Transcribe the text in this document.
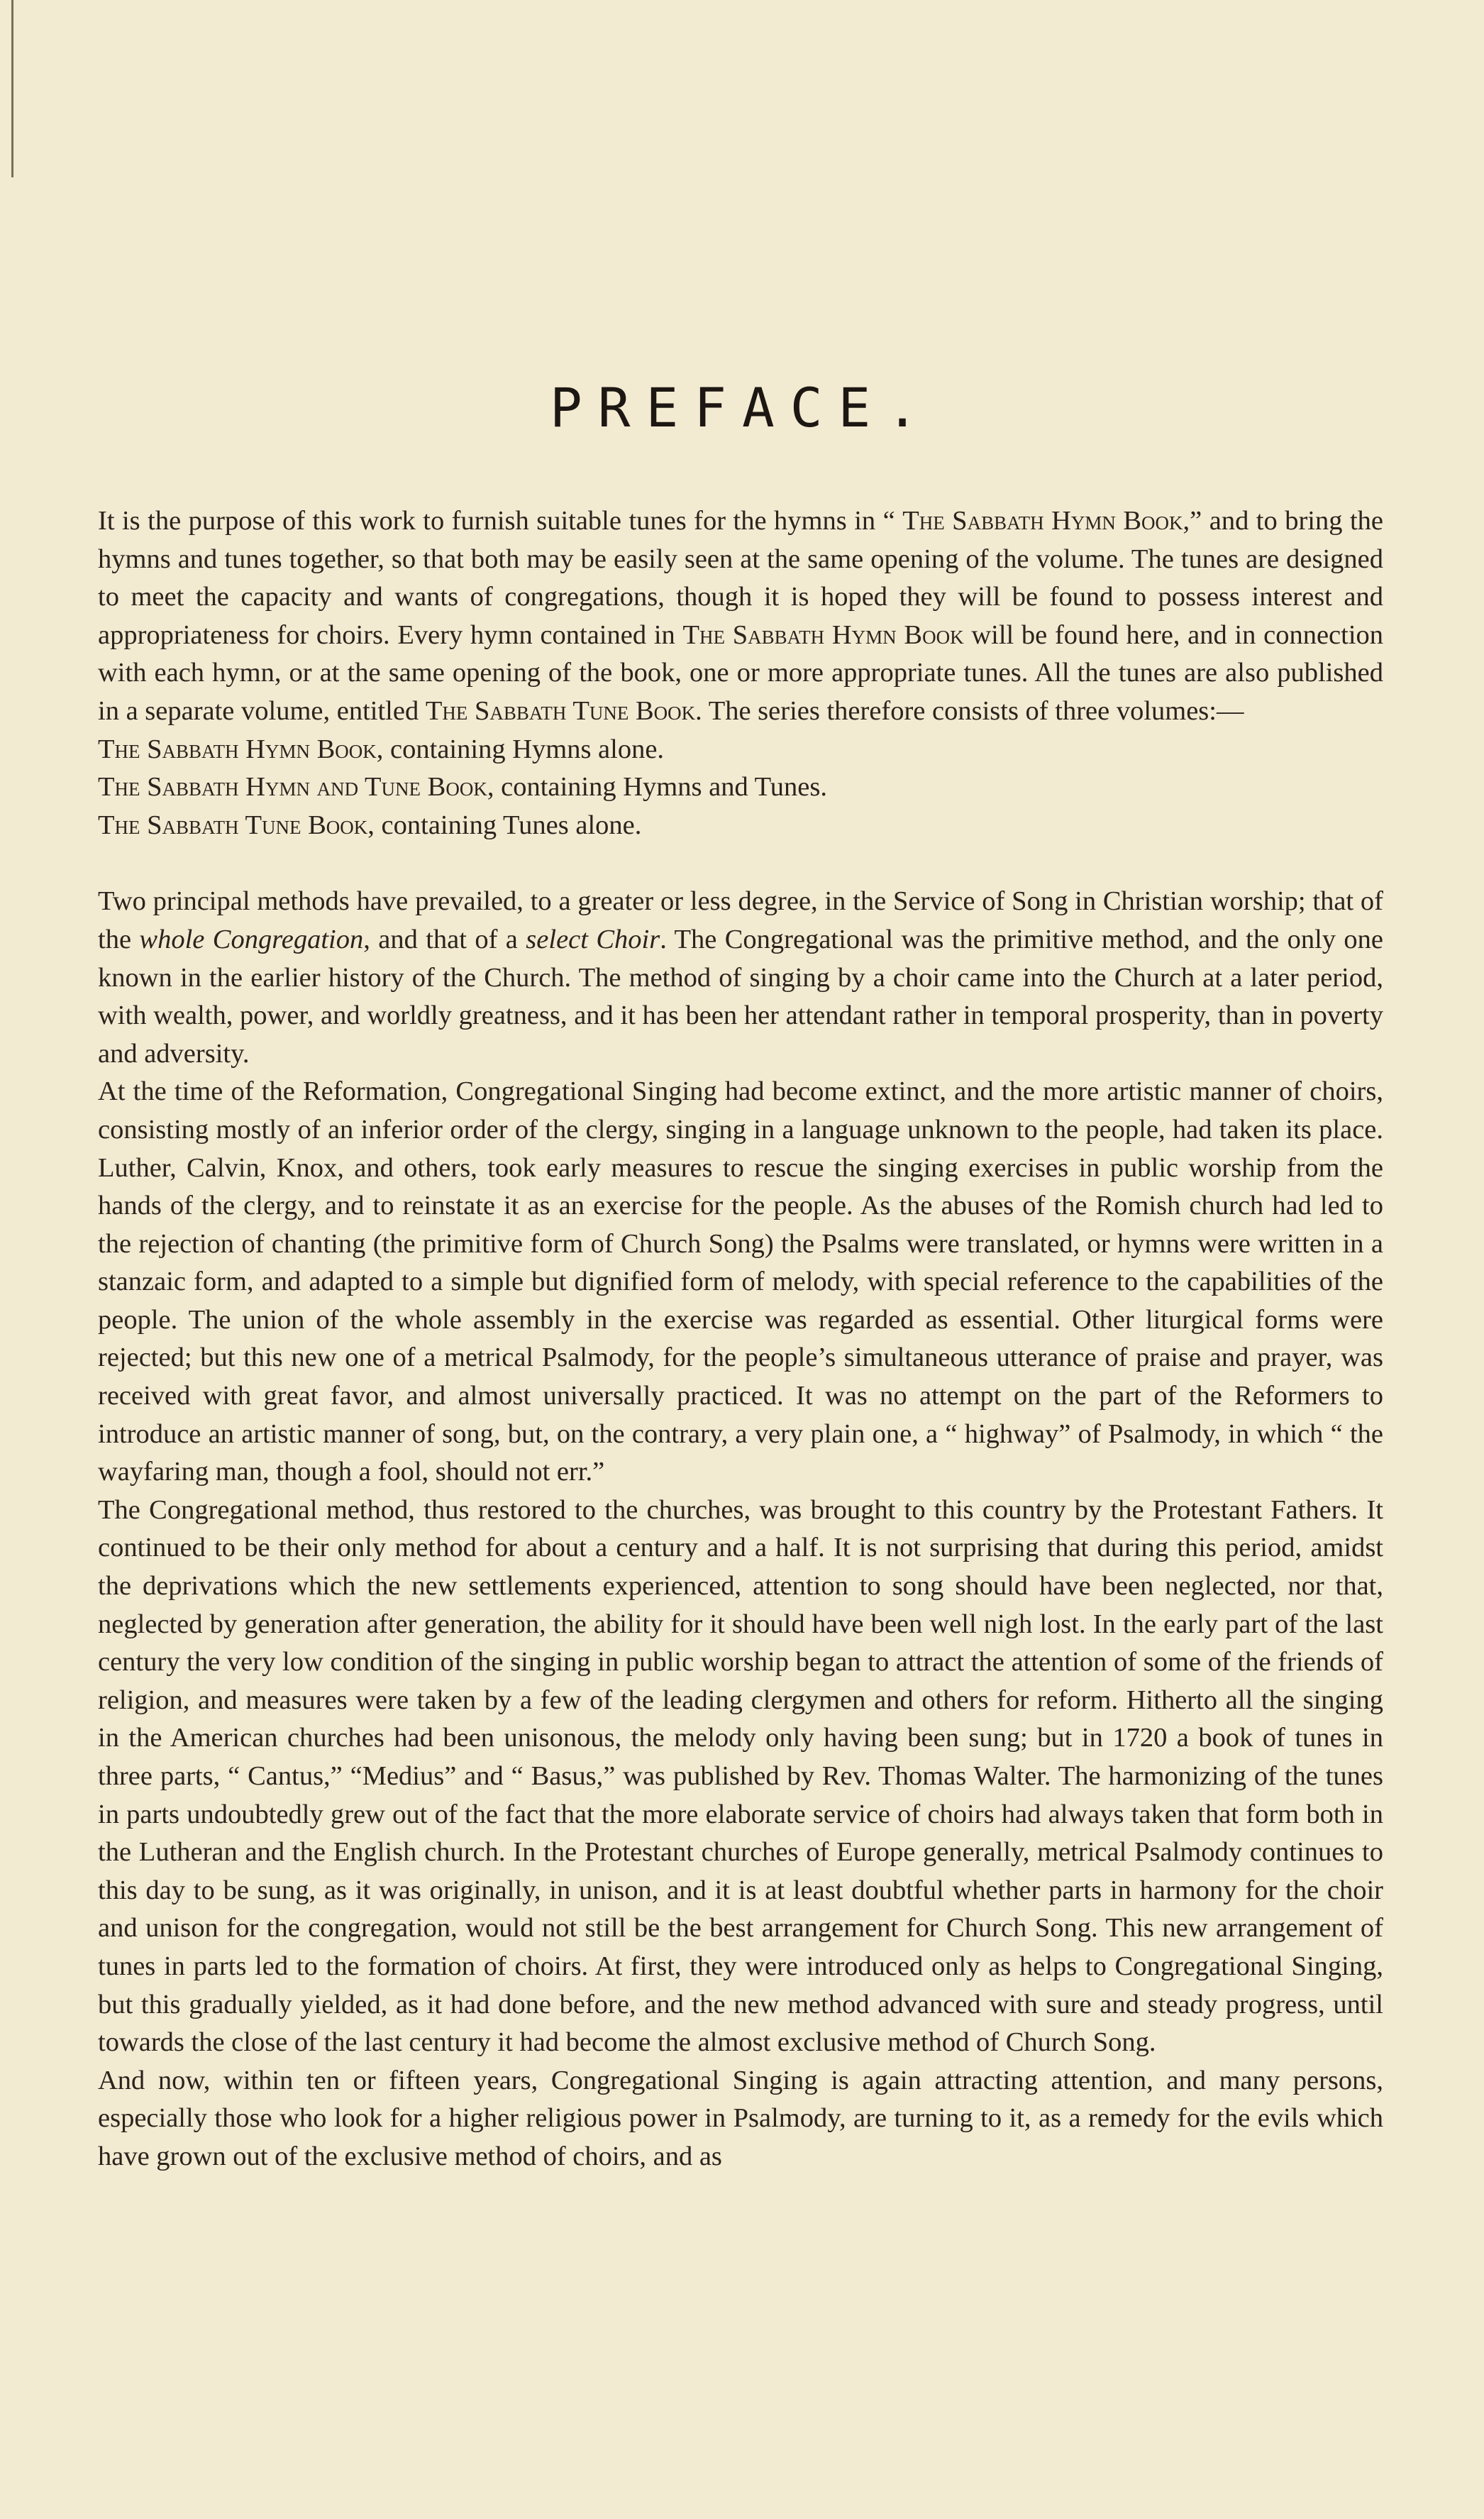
PREFACE.

It is the purpose of this work to furnish suitable tunes for the hymns in “ The Sabbath Hymn Book,” and to bring the hymns and tunes together, so that both may be easily seen at the same opening of the volume. The tunes are designed to meet the capacity and wants of congregations, though it is hoped they will be found to possess interest and appropriateness for choirs. Every hymn contained in The Sabbath Hymn Book will be found here, and in connection with each hymn, or at the same opening of the book, one or more appropriate tunes. All the tunes are also published in a separate volume, entitled The Sabbath Tune Book. The series therefore consists of three volumes:—

The Sabbath Hymn Book, containing Hymns alone.
The Sabbath Hymn and Tune Book, containing Hymns and Tunes.
The Sabbath Tune Book, containing Tunes alone.

Two principal methods have prevailed, to a greater or less degree, in the Service of Song in Christian worship; that of the whole Congregation, and that of a select Choir. The Congregational was the primitive method, and the only one known in the earlier history of the Church. The method of singing by a choir came into the Church at a later period, with wealth, power, and worldly greatness, and it has been her attendant rather in temporal prosperity, than in poverty and adversity.

At the time of the Reformation, Congregational Singing had become extinct, and the more artistic manner of choirs, consisting mostly of an inferior order of the clergy, singing in a language unknown to the people, had taken its place. Luther, Calvin, Knox, and others, took early measures to rescue the singing exercises in public worship from the hands of the clergy, and to reinstate it as an exercise for the people. As the abuses of the Romish church had led to the rejection of chanting (the primitive form of Church Song) the Psalms were translated, or hymns were written in a stanzaic form, and adapted to a simple but dignified form of melody, with special reference to the capabilities of the people. The union of the whole assembly in the exercise was regarded as essential. Other liturgical forms were rejected; but this new one of a metrical Psalmody, for the people’s simultaneous utterance of praise and prayer, was received with great favor, and almost universally practiced. It was no attempt on the part of the Reformers to introduce an artistic manner of song, but, on the contrary, a very plain one, a “ highway” of Psalmody, in which “ the wayfaring man, though a fool, should not err.”

The Congregational method, thus restored to the churches, was brought to this country by the Protestant Fathers. It continued to be their only method for about a century and a half. It is not surprising that during this period, amidst the deprivations which the new settlements experienced, attention to song should have been neglected, nor that, neglected by generation after generation, the ability for it should have been well nigh lost. In the early part of the last century the very low condition of the singing in public worship began to attract the attention of some of the friends of religion, and measures were taken by a few of the leading clergymen and others for reform. Hitherto all the singing in the American churches had been unisonous, the melody only having been sung; but in 1720 a book of tunes in three parts, “ Cantus,” “Medius” and “ Basus,” was published by Rev. Thomas Walter. The harmonizing of the tunes in parts undoubtedly grew out of the fact that the more elaborate service of choirs had always taken that form both in the Lutheran and the English church. In the Protestant churches of Europe generally, metrical Psalmody continues to this day to be sung, as it was originally, in unison, and it is at least doubtful whether parts in harmony for the choir and unison for the congregation, would not still be the best arrangement for Church Song. This new arrangement of tunes in parts led to the formation of choirs. At first, they were introduced only as helps to Congregational Singing, but this gradually yielded, as it had done before, and the new method advanced with sure and steady progress, until towards the close of the last century it had become the almost exclusive method of Church Song.

And now, within ten or fifteen years, Congregational Singing is again attracting attention, and many persons, especially those who look for a higher religious power in Psalmody, are turning to it, as a remedy for the evils which have grown out of the exclusive method of choirs, and as
